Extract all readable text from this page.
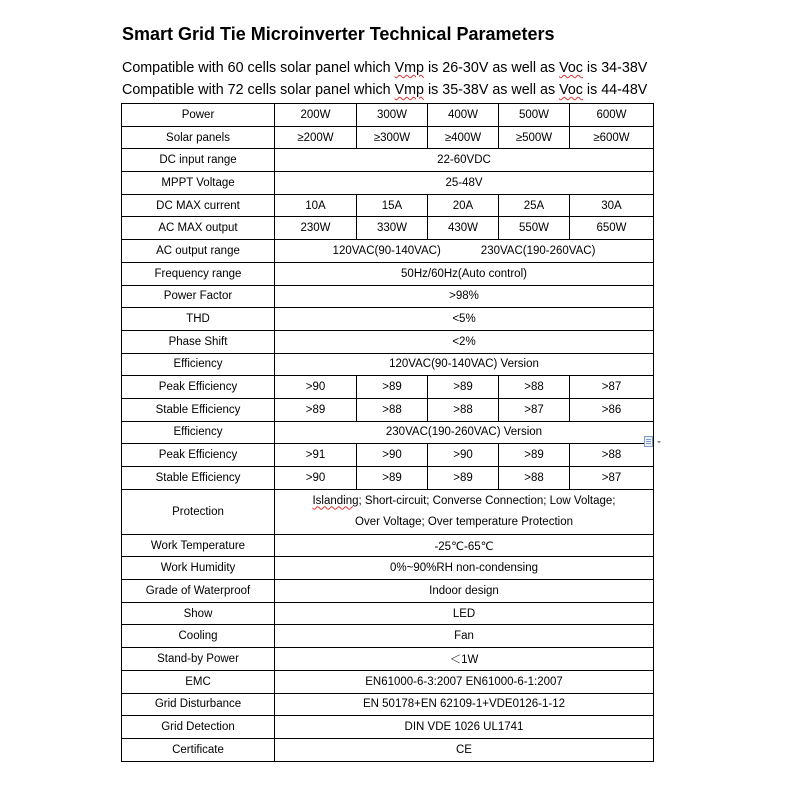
Smart Grid Tie Microinverter Technical Parameters
Compatible with 60 cells solar panel which Vmp is 26-30V as well as Voc is 34-38V
Compatible with 72 cells solar panel which Vmp is 35-38V as well as Voc is 44-48V
Power	200W	300W	400W	500W	600W
Solar panels	≥200W	≥300W	≥400W	≥500W	≥600W
DC input range	22-60VDC				
MPPT Voltage	25-48V				
DC MAX current	10A	15A	20A	25A	30A
AC MAX output	230W	330W	430W	550W	650W
AC output range	120VAC(90-140VAC) 230VAC(190-260VAC)				
Frequency range	50Hz/60Hz(Auto control)				
Power Factor	>98%				
THD	<5%				
Phase Shift	<2%				
Efficiency	120VAC(90-140VAC) Version				
Peak Efficiency	>90	>89	>89	>88	>87
Stable Efficiency	>89	>88	>88	>87	>86
Efficiency	230VAC(190-260VAC) Version				
Peak Efficiency	>91	>90	>90	>89	>88
Stable Efficiency	>90	>89	>89	>88	>87
Protection	Islanding; Short-circuit; Converse Connection; Low Voltage;
Over Voltage; Over temperature Protection				

Work Temperature	-25℃-65℃				
Work Humidity	0%~90%RH non-condensing				
Grade of Waterproof	Indoor design				
Show	LED				
Cooling	Fan				
Stand-by Power	＜1W				
EMC	EN61000-6-3:2007 EN61000-6-1:2007				
Grid Disturbance	EN 50178+EN 62109-1+VDE0126-1-12				
Grid Detection	DIN VDE 1026 UL1741				
Certificate	CE				
